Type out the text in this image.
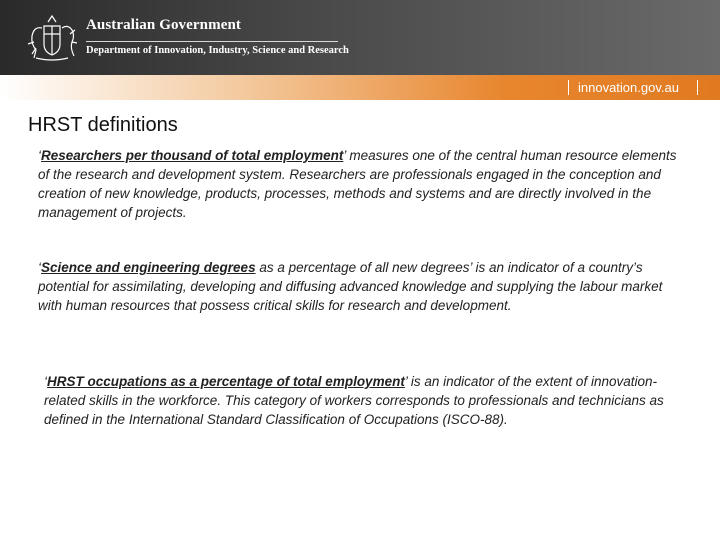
Australian Government
Department of Innovation, Industry, Science and Research
innovation.gov.au
HRST definitions

‘Researchers per thousand of total employment’ measures one of the central human resource elements of the research and development system. Researchers are professionals engaged in the conception and creation of new knowledge, products, processes, methods and systems and are directly involved in the management of projects.

‘Science and engineering degrees as a percentage of all new degrees’ is an indicator of a country’s potential for assimilating, developing and diffusing advanced knowledge and supplying the labour market with human resources that possess critical skills for research and development.

‘HRST occupations as a percentage of total employment’ is an indicator of the extent of innovation-related skills in the workforce. This category of workers corresponds to professionals and technicians as defined in the International Standard Classification of Occupations (ISCO-88).
